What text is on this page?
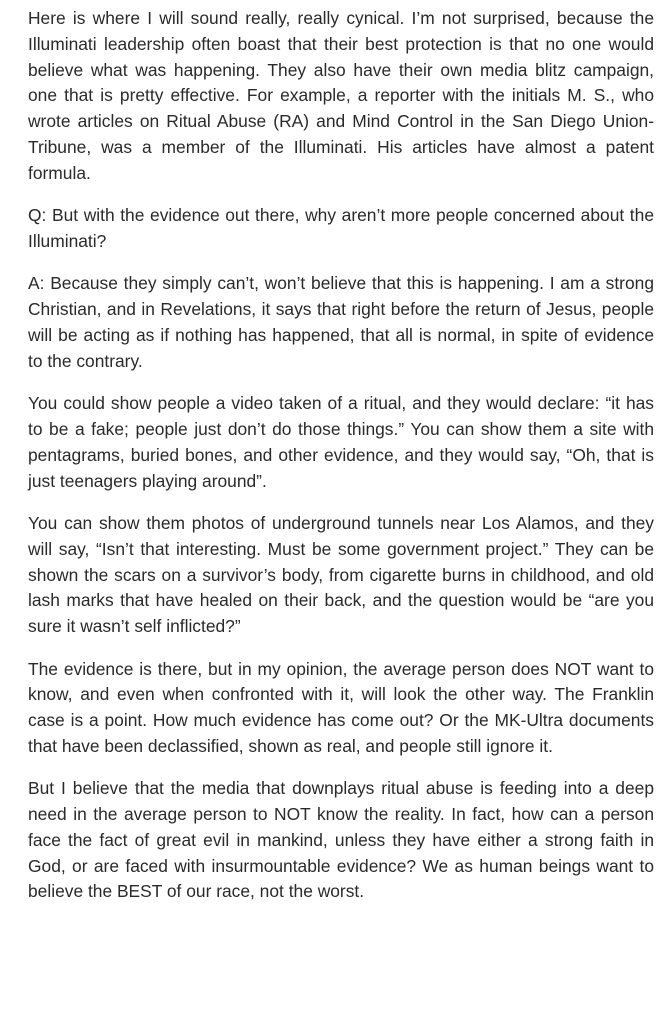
Here is where I will sound really, really cynical. I’m not surprised, because the Illuminati leadership often boast that their best protection is that no one would believe what was happening. They also have their own media blitz campaign, one that is pretty effective. For example, a reporter with the initials M. S., who wrote articles on Ritual Abuse (RA) and Mind Control in the San Diego Union-Tribune, was a member of the Illuminati. His articles have almost a patent formula.

Q: But with the evidence out there, why aren’t more people concerned about the Illuminati?

A: Because they simply can’t, won’t believe that this is happening. I am a strong Christian, and in Revelations, it says that right before the return of Jesus, people will be acting as if nothing has happened, that all is normal, in spite of evidence to the contrary.

You could show people a video taken of a ritual, and they would declare: “it has to be a fake; people just don’t do those things.” You can show them a site with pentagrams, buried bones, and other evidence, and they would say, “Oh, that is just teenagers playing around”.

You can show them photos of underground tunnels near Los Alamos, and they will say, “Isn’t that interesting. Must be some government project.” They can be shown the scars on a survivor’s body, from cigarette burns in childhood, and old lash marks that have healed on their back, and the question would be “are you sure it wasn’t self inflicted?”

The evidence is there, but in my opinion, the average person does NOT want to know, and even when confronted with it, will look the other way. The Franklin case is a point. How much evidence has come out? Or the MK-Ultra documents that have been declassified, shown as real, and people still ignore it.

But I believe that the media that downplays ritual abuse is feeding into a deep need in the average person to NOT know the reality. In fact, how can a person face the fact of great evil in mankind, unless they have either a strong faith in God, or are faced with insurmountable evidence? We as human beings want to believe the BEST of our race, not the worst.
